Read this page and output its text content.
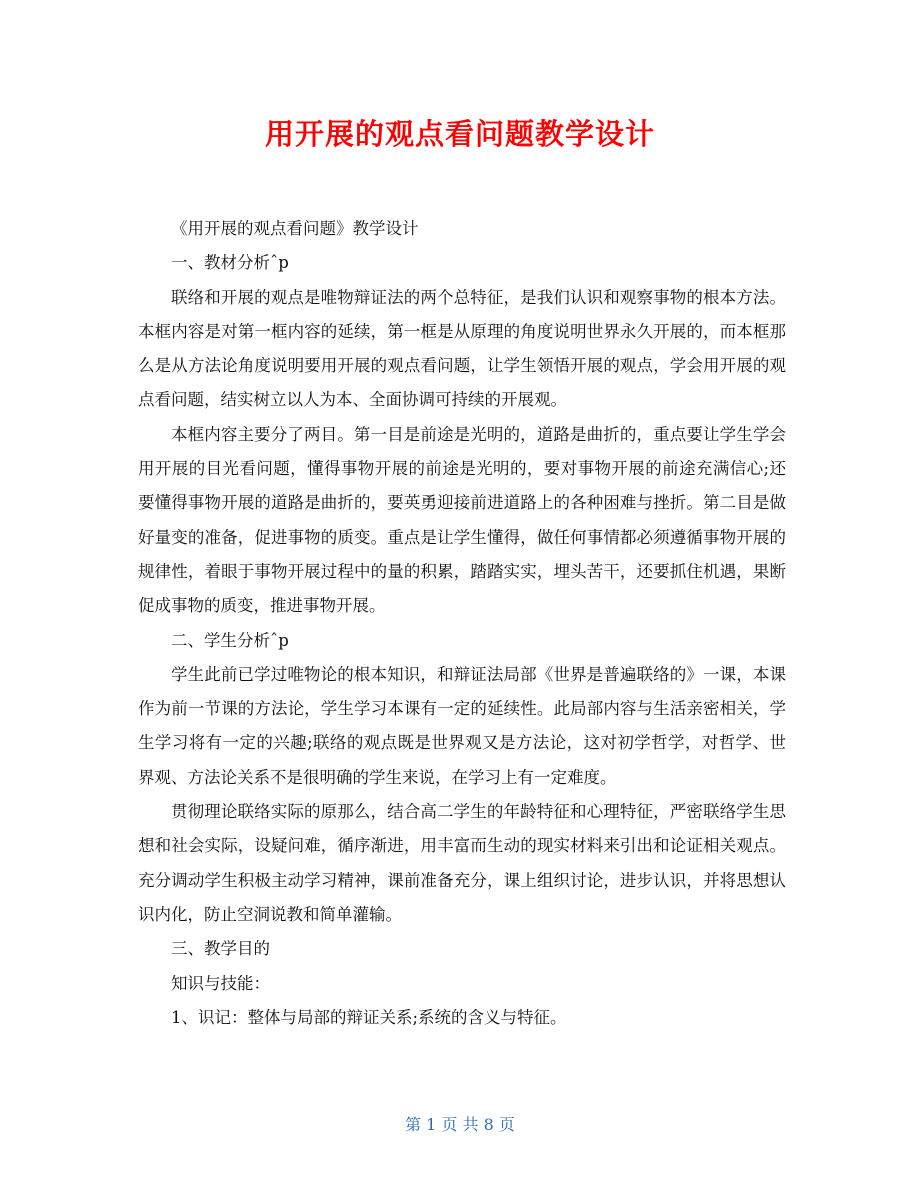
用开展的观点看问题教学设计
《用开展的观点看问题》教学设计
一、教材分析ˆp

联络和开展的观点是唯物辩证法的两个总特征，是我们认识和观察事物的根本方法。本框内容是对第一框内容的延续，第一框是从原理的角度说明世界永久开展的，而本框那么是从方法论角度说明要用开展的观点看问题，让学生领悟开展的观点，学会用开展的观点看问题，结实树立以人为本、全面协调可持续的开展观。

本框内容主要分了两目。第一目是前途是光明的，道路是曲折的，重点要让学生学会用开展的目光看问题，懂得事物开展的前途是光明的，要对事物开展的前途充满信心;还要懂得事物开展的道路是曲折的，要英勇迎接前进道路上的各种困难与挫折。第二目是做好量变的准备，促进事物的质变。重点是让学生懂得，做任何事情都必须遵循事物开展的规律性，着眼于事物开展过程中的量的积累，踏踏实实，埋头苦干，还要抓住机遇，果断促成事物的质变，推进事物开展。

二、学生分析ˆp

学生此前已学过唯物论的根本知识，和辩证法局部《世界是普遍联络的》一课，本课作为前一节课的方法论，学生学习本课有一定的延续性。此局部内容与生活亲密相关，学生学习将有一定的兴趣;联络的观点既是世界观又是方法论，这对初学哲学，对哲学、世界观、方法论关系不是很明确的学生来说，在学习上有一定难度。

贯彻理论联络实际的原那么，结合高二学生的年龄特征和心理特征，严密联络学生思想和社会实际，设疑问难，循序渐进，用丰富而生动的现实材料来引出和论证相关观点。充分调动学生积极主动学习精神，课前准备充分，课上组织讨论，进步认识，并将思想认识内化，防止空洞说教和简单灌输。

三、教学目的
知识与技能：
1、识记：整体与局部的辩证关系;系统的含义与特征。
第 1 页 共 8 页
